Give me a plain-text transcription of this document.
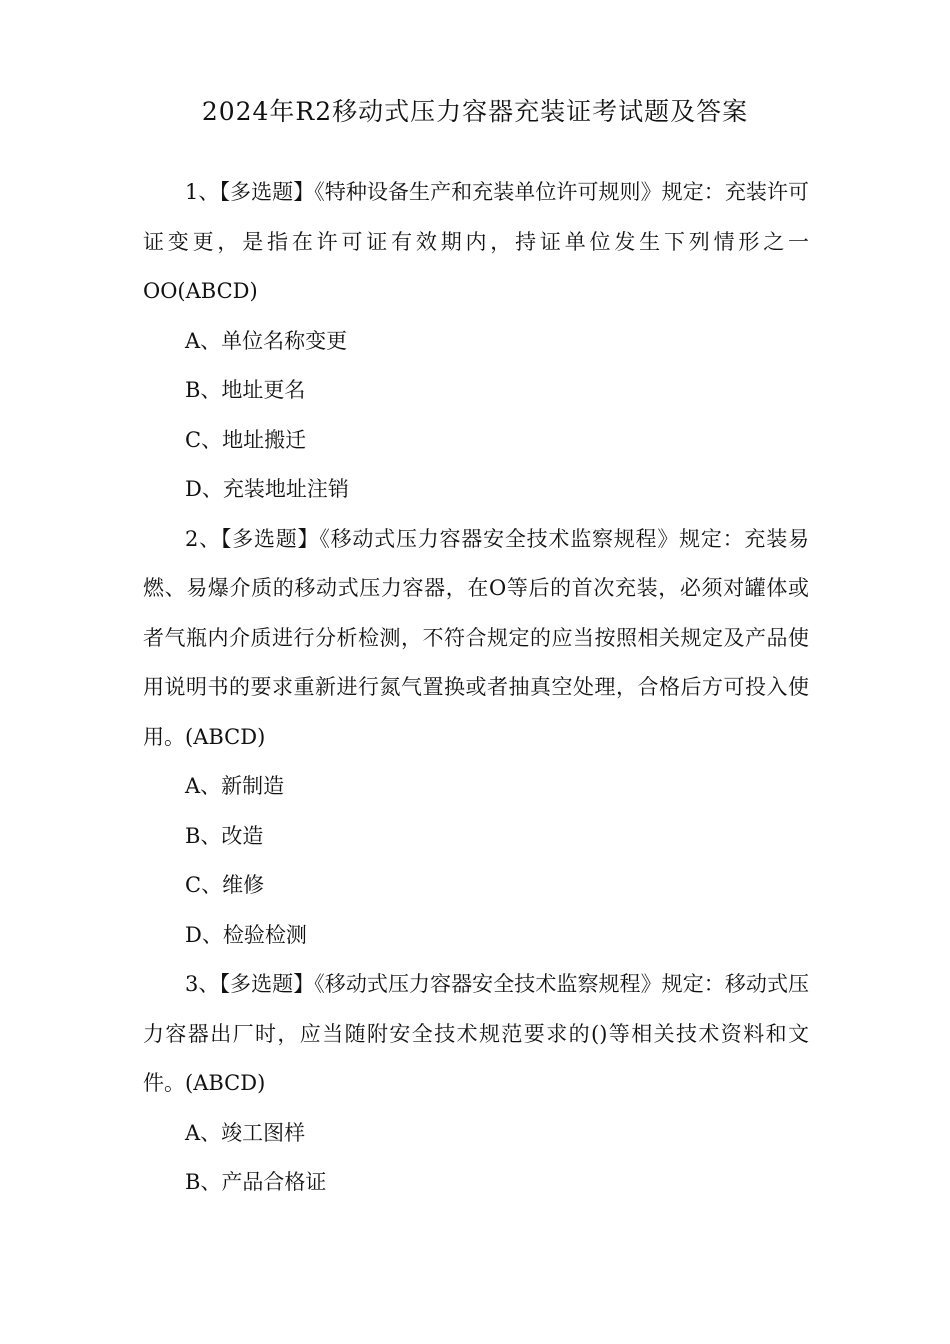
2024年R2移动式压力容器充装证考试题及答案

1、【多选题】《特种设备生产和充装单位许可规则》规定：充装许可证变更，是指在许可证有效期内，持证单位发生下列情形之一OO(ABCD)

A、单位名称变更

B、地址更名

C、地址搬迁

D、充装地址注销

2、【多选题】《移动式压力容器安全技术监察规程》规定：充装易燃、易爆介质的移动式压力容器，在O等后的首次充装，必须对罐体或者气瓶内介质进行分析检测，不符合规定的应当按照相关规定及产品使用说明书的要求重新进行氮气置换或者抽真空处理，合格后方可投入使用。(ABCD)

A、新制造

B、改造

C、维修

D、检验检测

3、【多选题】《移动式压力容器安全技术监察规程》规定：移动式压力容器出厂时，应当随附安全技术规范要求的()等相关技术资料和文件。(ABCD)

A、竣工图样

B、产品合格证
